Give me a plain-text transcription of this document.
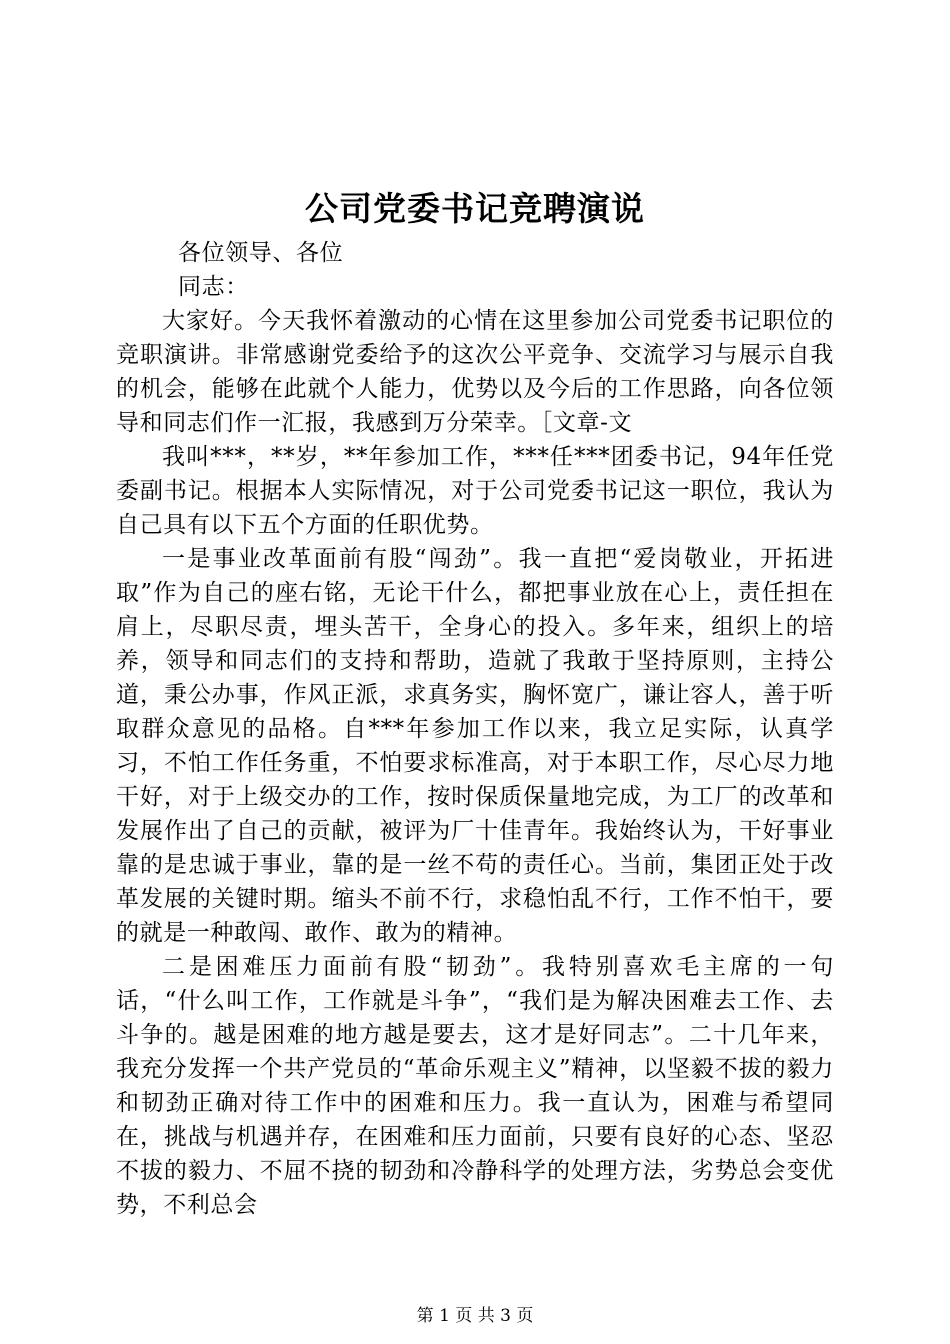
公司党委书记竞聘演说

各位领导、各位

同志：

大家好。今天我怀着激动的心情在这里参加公司党委书记职位的竞职演讲。非常感谢党委给予的这次公平竞争、交流学习与展示自我的机会，能够在此就个人能力，优势以及今后的工作思路，向各位领导和同志们作一汇报，我感到万分荣幸。［文章-文

我叫***，**岁，**年参加工作，***任***团委书记，94年任党委副书记。根据本人实际情况，对于公司党委书记这一职位，我认为自己具有以下五个方面的任职优势。

一是事业改革面前有股“闯劲”。我一直把“爱岗敬业，开拓进取”作为自己的座右铭，无论干什么，都把事业放在心上，责任担在肩上，尽职尽责，埋头苦干，全身心的投入。多年来，组织上的培养，领导和同志们的支持和帮助，造就了我敢于坚持原则，主持公道，秉公办事，作风正派，求真务实，胸怀宽广，谦让容人，善于听取群众意见的品格。自***年参加工作以来，我立足实际，认真学习，不怕工作任务重，不怕要求标准高，对于本职工作，尽心尽力地干好，对于上级交办的工作，按时保质保量地完成，为工厂的改革和发展作出了自己的贡献，被评为厂十佳青年。我始终认为，干好事业靠的是忠诚于事业，靠的是一丝不苟的责任心。当前，集团正处于改革发展的关键时期。缩头不前不行，求稳怕乱不行，工作不怕干，要的就是一种敢闯、敢作、敢为的精神。

二是困难压力面前有股“韧劲”。我特别喜欢毛主席的一句话，“什么叫工作，工作就是斗争”，“我们是为解决困难去工作、去斗争的。越是困难的地方越是要去，这才是好同志”。二十几年来，我充分发挥一个共产党员的“革命乐观主义”精神，以坚毅不拔的毅力和韧劲正确对待工作中的困难和压力。我一直认为，困难与希望同在，挑战与机遇并存，在困难和压力面前，只要有良好的心态、坚忍不拔的毅力、不屈不挠的韧劲和冷静科学的处理方法，劣势总会变优势，不利总会

第 1 页 共 3 页
